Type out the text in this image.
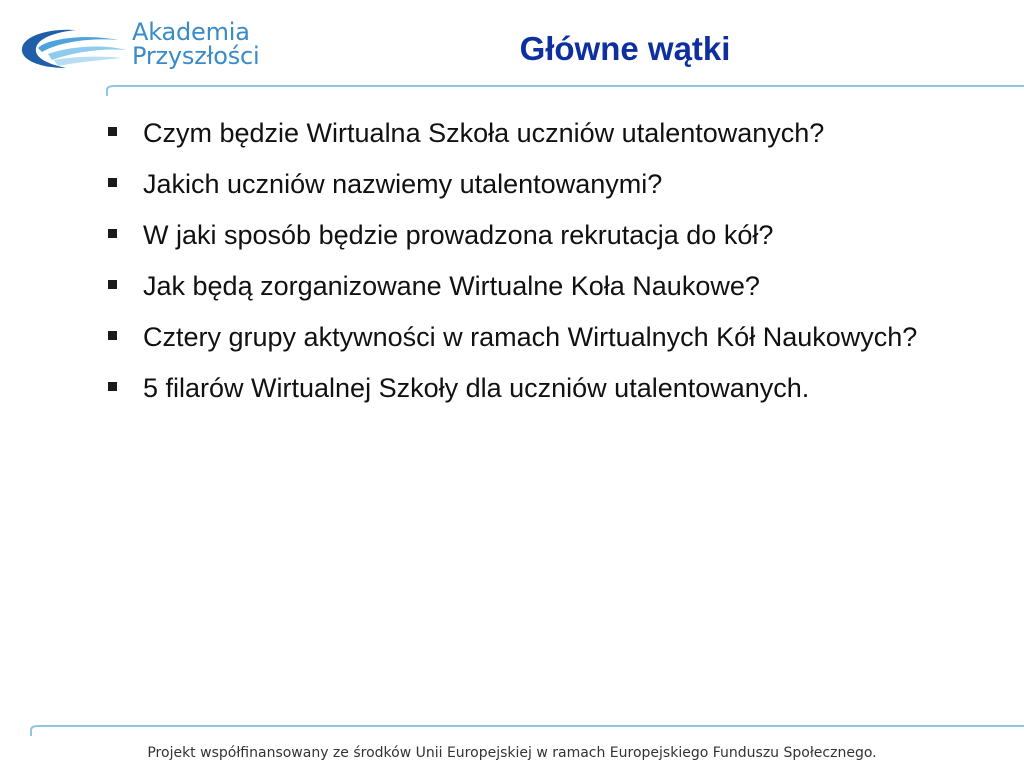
Akademia
Przyszłości	Główne wątki
Czym będzie Wirtualna Szkoła uczniów utalentowanych?
Jakich uczniów nazwiemy utalentowanymi?
W jaki sposób będzie prowadzona rekrutacja do kół?
Jak będą zorganizowane Wirtualne Koła Naukowe?
Cztery grupy aktywności w ramach Wirtualnych Kół Naukowych?
5 filarów Wirtualnej Szkoły dla uczniów utalentowanych.
Projekt współfinansowany ze środków Unii Europejskiej w ramach Europejskiego Funduszu Społecznego.
